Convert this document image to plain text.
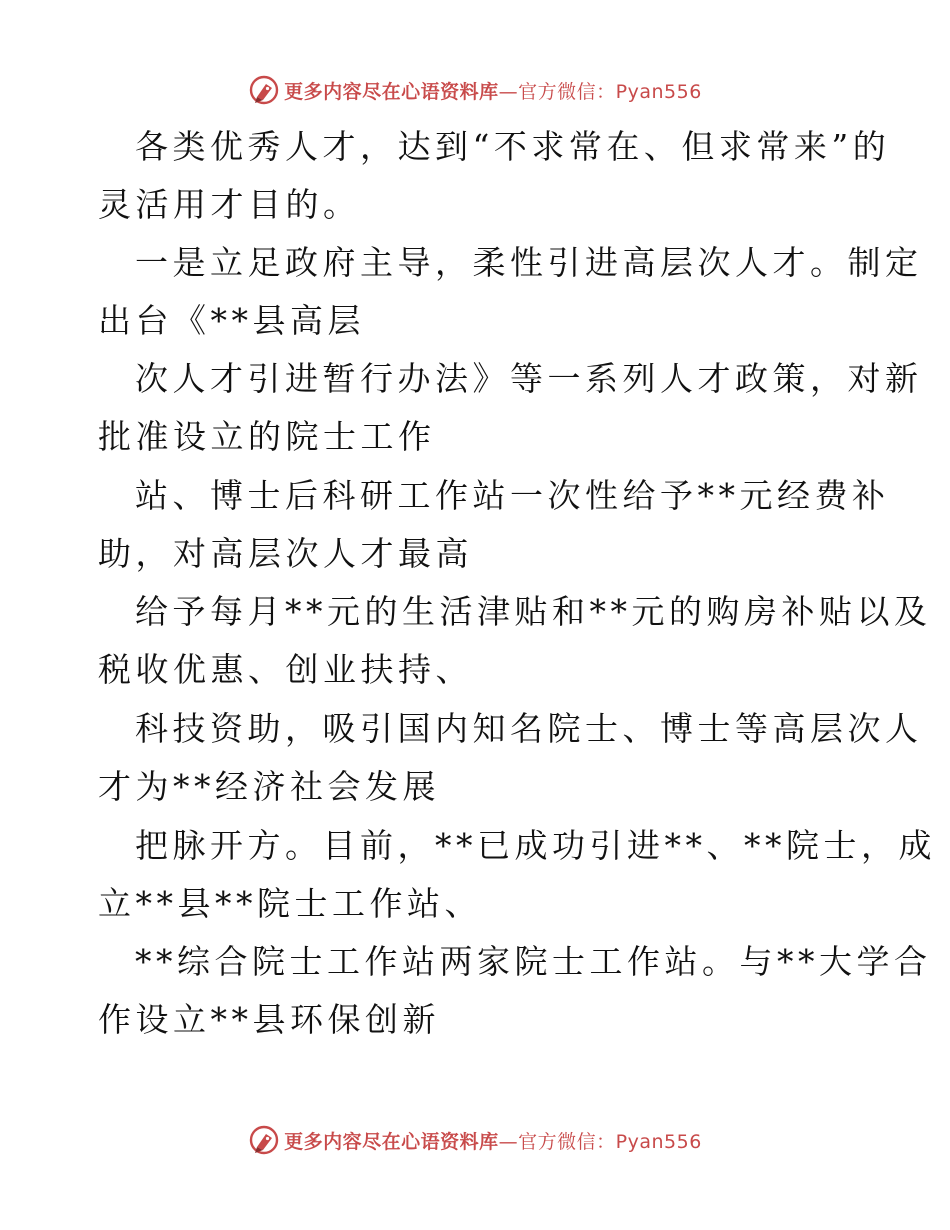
更多内容尽在心语资料库—官方微信：Pyan556
各类优秀人才，达到“不求常在、但求常来”的
灵活用才目的。
一是立足政府主导，柔性引进高层次人才。制定
出台《**县高层
次人才引进暂行办法》等一系列人才政策，对新
批准设立的院士工作
站、博士后科研工作站一次性给予**元经费补
助，对高层次人才最高
给予每月**元的生活津贴和**元的购房补贴以及
税收优惠、创业扶持、
科技资助，吸引国内知名院士、博士等高层次人
才为**经济社会发展
把脉开方。目前，**已成功引进**、**院士，成
立**县**院士工作站、
**综合院士工作站两家院士工作站。与**大学合
作设立**县环保创新
更多内容尽在心语资料库—官方微信：Pyan556
